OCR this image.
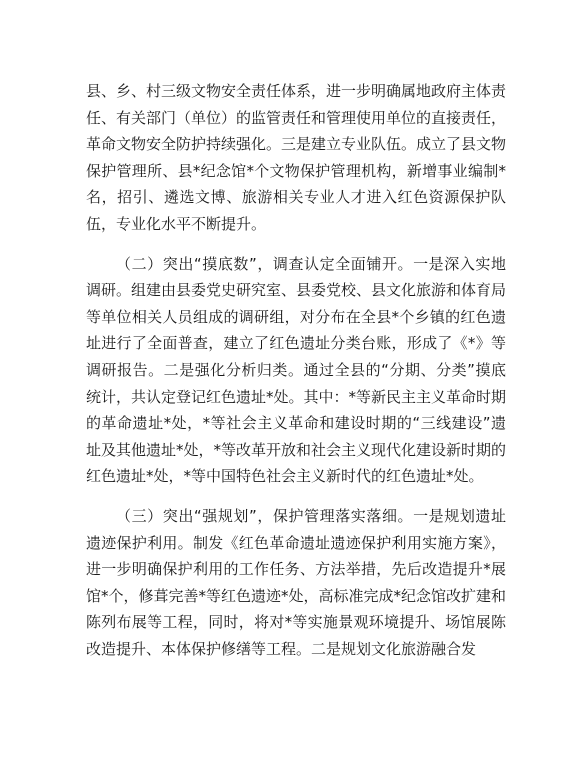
县、乡、村三级文物安全责任体系，进一步明确属地政府主体责任、有关部门（单位）的监管责任和管理使用单位的直接责任，革命文物安全防护持续强化。三是建立专业队伍。成立了县文物保护管理所、县*纪念馆*个文物保护管理机构，新增事业编制*名，招引、遴选文博、旅游相关专业人才进入红色资源保护队伍，专业化水平不断提升。

（二）突出“摸底数”，调查认定全面铺开。一是深入实地调研。组建由县委党史研究室、县委党校、县文化旅游和体育局等单位相关人员组成的调研组，对分布在全县*个乡镇的红色遗址进行了全面普查，建立了红色遗址分类台账，形成了《*》等调研报告。二是强化分析归类。通过全县的“分期、分类”摸底统计，共认定登记红色遗址*处。其中：*等新民主主义革命时期的革命遗址*处，*等社会主义革命和建设时期的“三线建设”遗址及其他遗址*处，*等改革开放和社会主义现代化建设新时期的红色遗址*处，*等中国特色社会主义新时代的红色遗址*处。

（三）突出“强规划”，保护管理落实落细。一是规划遗址遗迹保护利用。制发《红色革命遗址遗迹保护利用实施方案》，进一步明确保护利用的工作任务、方法举措，先后改造提升*展馆*个，修葺完善*等红色遗迹*处，高标准完成*纪念馆改扩建和陈列布展等工程，同时，将对*等实施景观环境提升、场馆展陈改造提升、本体保护修缮等工程。二是规划文化旅游融合发
